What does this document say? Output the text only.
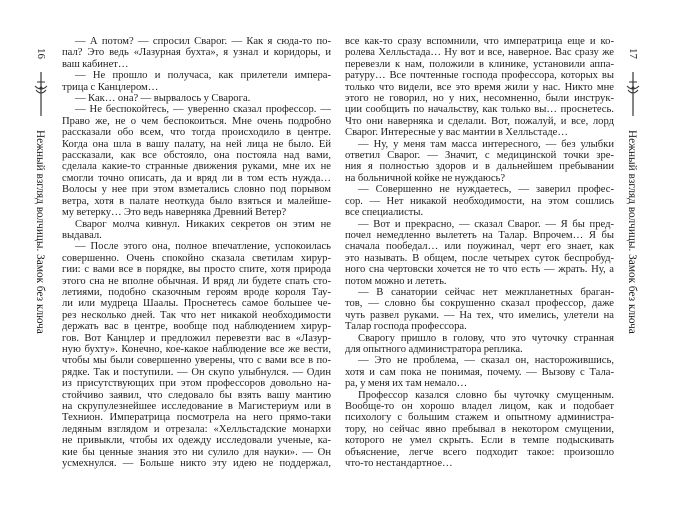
16
Нежный взгляд волчицы. Замок без ключа
— А потом? — спросил Сварог. — Как я сюда-то по-
пал? Это ведь «Лазурная бухта», я узнал и коридоры, и
ваш кабинет…
— Не прошло и получаса, как прилетели импера-
трица с Канцлером…
— Как… она? — вырвалось у Сварога.
— Не беспокойтесь, — уверенно сказал профессор. —
Право же, не о чем беспокоиться. Мне очень подробно
рассказали обо всем, что тогда происходило в центре.
Когда она шла в вашу палату, на ней лица не было. Ей
рассказали, как все обстояло, она постояла над вами,
сделала какие-то странные движения руками, мне их не
смогли точно описать, да и вряд ли в том есть нужда…
Волосы у нее при этом взметались словно под порывом
ветра, хотя в палате неоткуда было взяться и малейше-
му ветерку… Это ведь наверняка Древний Ветер?
Сварог молча кивнул. Никаких секретов он этим не
выдавал.
— После этого она, полное впечатление, успокоилась
совершенно. Очень спокойно сказала светилам хирур-
гии: с вами все в порядке, вы просто спите, хотя природа
этого сна не вполне обычная. И вряд ли будете спать сто-
летиями, подобно сказочным героям вроде короля Тау-
ли или мудреца Шаалы. Проснетесь самое большее че-
рез несколько дней. Так что нет никакой необходимости
держать вас в центре, вообще под наблюдением хирур-
гов. Вот Канцлер и предложил перевезти вас в «Лазур-
ную бухту». Конечно, кое-какое наблюдение все же вести,
чтобы мы были совершенно уверены, что с вами все в по-
рядке. Так и поступили. — Он скупо улыбнулся. — Один
из присутствующих при этом профессоров довольно на-
стойчиво заявил, что следовало бы взять вашу мантию
на скрупулезнейшее исследование в Магистериум или в
Технион. Императрица посмотрела на него прямо-таки
ледяным взглядом и отрезала: «Хелльстадские монархи
не привыкли, чтобы их одежду исследовали ученые, ка-
кие бы ценные знания это ни сулило для науки». — Он
усмехнулся. — Больше никто эту идею не поддержал,
все как-то сразу вспомнили, что императрица еще и ко-
ролева Хелльстада… Ну вот и все, наверное. Вас сразу же
перевезли к нам, положили в клинике, установили аппа-
ратуру… Все почтенные господа профессора, которых вы
только что видели, все это время жили у нас. Никто мне
этого не говорил, но у них, несомненно, были инструк-
ции сообщить по начальству, как только вы… проснетесь.
Что они наверняка и сделали. Вот, пожалуй, и все, лорд
Сварог. Интересные у вас мантии в Хелльстаде…
— Ну, у меня там масса интересного, — без улыбки
ответил Сварог. — Значит, с медицинской точки зре-
ния я полностью здоров и в дальнейшем пребывании
на больничной койке не нуждаюсь?
— Совершенно не нуждаетесь, — заверил профес-
сор. — Нет никакой необходимости, на этом сошлись
все специалисты.
— Вот и прекрасно, — сказал Сварог. — Я бы пред-
почел немедленно вылететь на Талар. Впрочем… Я бы
сначала пообедал… или поужинал, черт его знает, как
это называть. В общем, после четырех суток беспробуд-
ного сна чертовски хочется не то что есть — жрать. Ну, а
потом можно и лететь.
— В санатории сейчас нет межпланетных браган-
тов, — словно бы сокрушенно сказал профессор, даже
чуть развел руками. — На тех, что имелись, улетели на
Талар господа профессора.
Сварогу пришло в голову, что это чуточку странная
для опытного администратора реплика.
— Это не проблема, — сказал он, насторожившись,
хотя и сам пока не понимая, почему. — Вызову с Тала-
ра, у меня их там немало…
Профессор казался словно бы чуточку смущенным.
Вообще-то он хорошо владел лицом, как и подобает
психологу с большим стажем и опытному администра-
тору, но сейчас явно пребывал в некотором смущении,
которого не умел скрыть. Если в темпе подыскивать
объяснение, легче всего подходит такое: произошло
что-то нестандартное…
17
Нежный взгляд волчицы. Замок без ключа
